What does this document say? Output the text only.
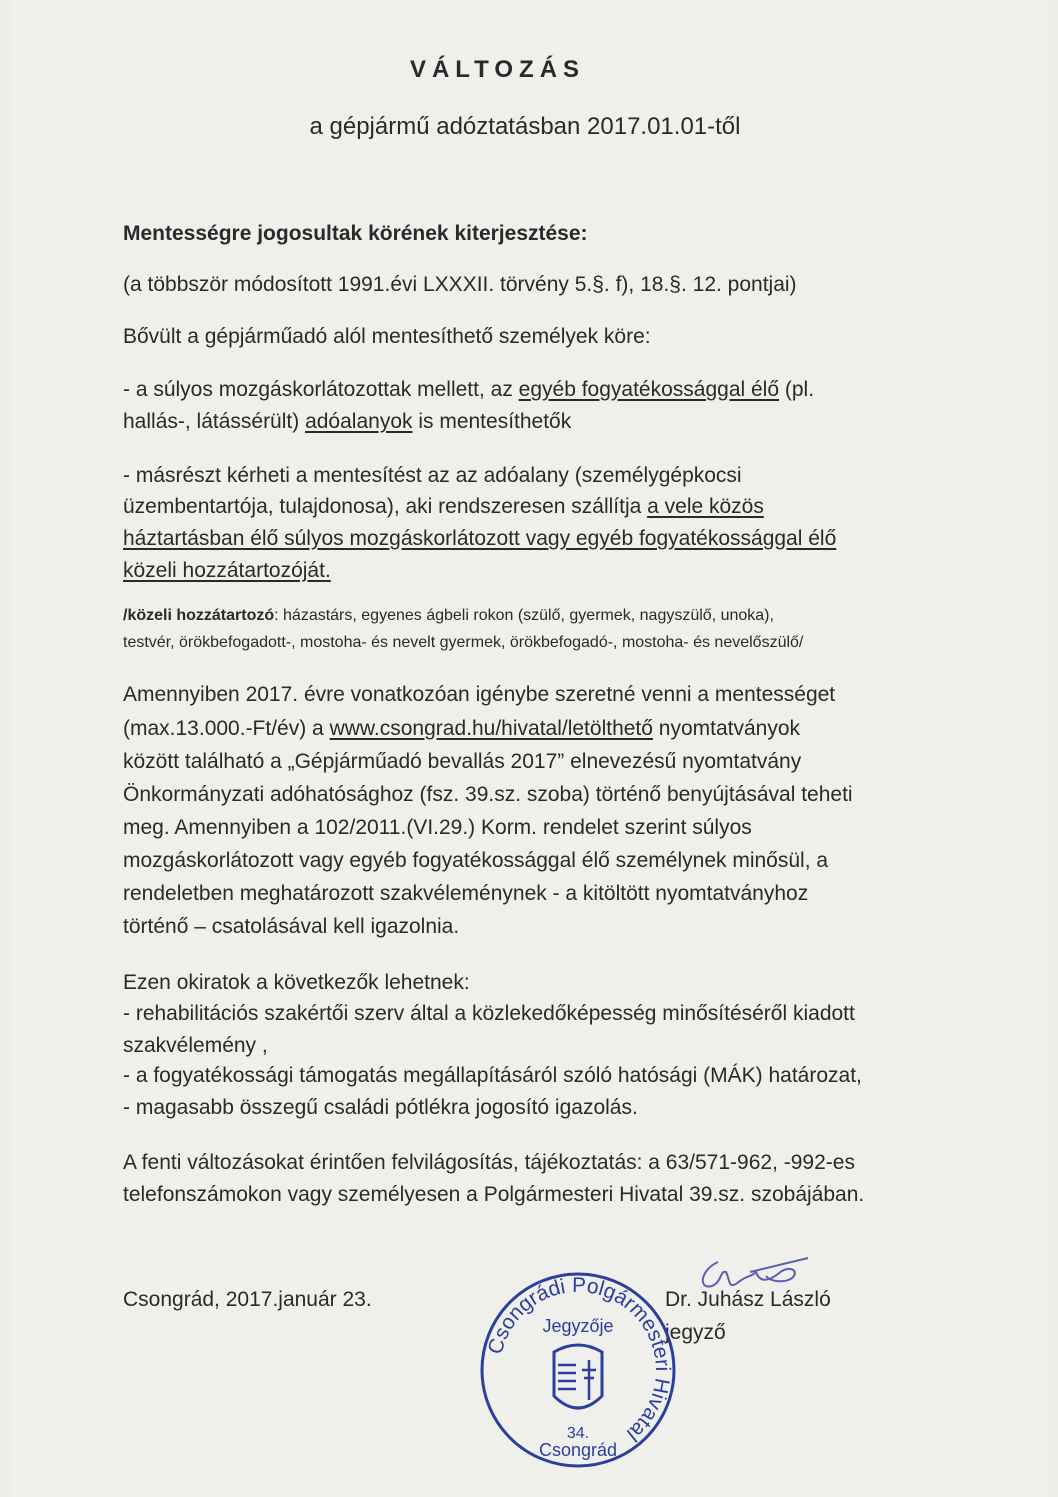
VÁLTOZÁS
a gépjármű adóztatásban 2017.01.01-től
Mentességre jogosultak körének kiterjesztése:
(a többször módosított 1991.évi LXXXII. törvény 5.§. f), 18.§. 12. pontjai)
Bővült a gépjárműadó alól mentesíthető személyek köre:
- a súlyos mozgáskorlátozottak mellett, az egyéb fogyatékossággal élő (pl.
hallás-, látássérült) adóalanyok is mentesíthetők
- másrészt kérheti a mentesítést az az adóalany (személygépkocsi
üzembentartója, tulajdonosa), aki rendszeresen szállítja a vele közös
háztartásban élő súlyos mozgáskorlátozott vagy egyéb fogyatékossággal élő
közeli hozzátartozóját.
/közeli hozzátartozó: házastárs, egyenes ágbeli rokon (szülő, gyermek, nagyszülő, unoka),
testvér, örökbefogadott-, mostoha- és nevelt gyermek, örökbefogadó-, mostoha- és nevelőszülő/
Amennyiben 2017. évre vonatkozóan igénybe szeretné venni a mentességet
(max.13.000.-Ft/év) a www.csongrad.hu/hivatal/letölthető nyomtatványok
között található a „Gépjárműadó bevallás 2017” elnevezésű nyomtatvány
Önkormányzati adóhatósághoz (fsz. 39.sz. szoba) történő benyújtásával teheti
meg. Amennyiben a 102/2011.(VI.29.) Korm. rendelet szerint súlyos
mozgáskorlátozott vagy egyéb fogyatékossággal élő személynek minősül, a
rendeletben meghatározott szakvéleménynek - a kitöltött nyomtatványhoz
történő – csatolásával kell igazolnia.
Ezen okiratok a következők lehetnek:
- rehabilitációs szakértői szerv által a közlekedőképesség minősítéséről kiadott
szakvélemény ,
- a fogyatékossági támogatás megállapításáról szóló hatósági (MÁK) határozat,
- magasabb összegű családi pótlékra jogosító igazolás.
A fenti változásokat érintően felvilágosítás, tájékoztatás: a 63/571-962, -992-es
telefonszámokon vagy személyesen a Polgármesteri Hivatal 39.sz. szobájában.
Csongrád, 2017.január 23.	Dr. Juhász László
jegyző
Csongrádi Polgármesteri Hivatal
Jegyzője
34.
Csongrád
